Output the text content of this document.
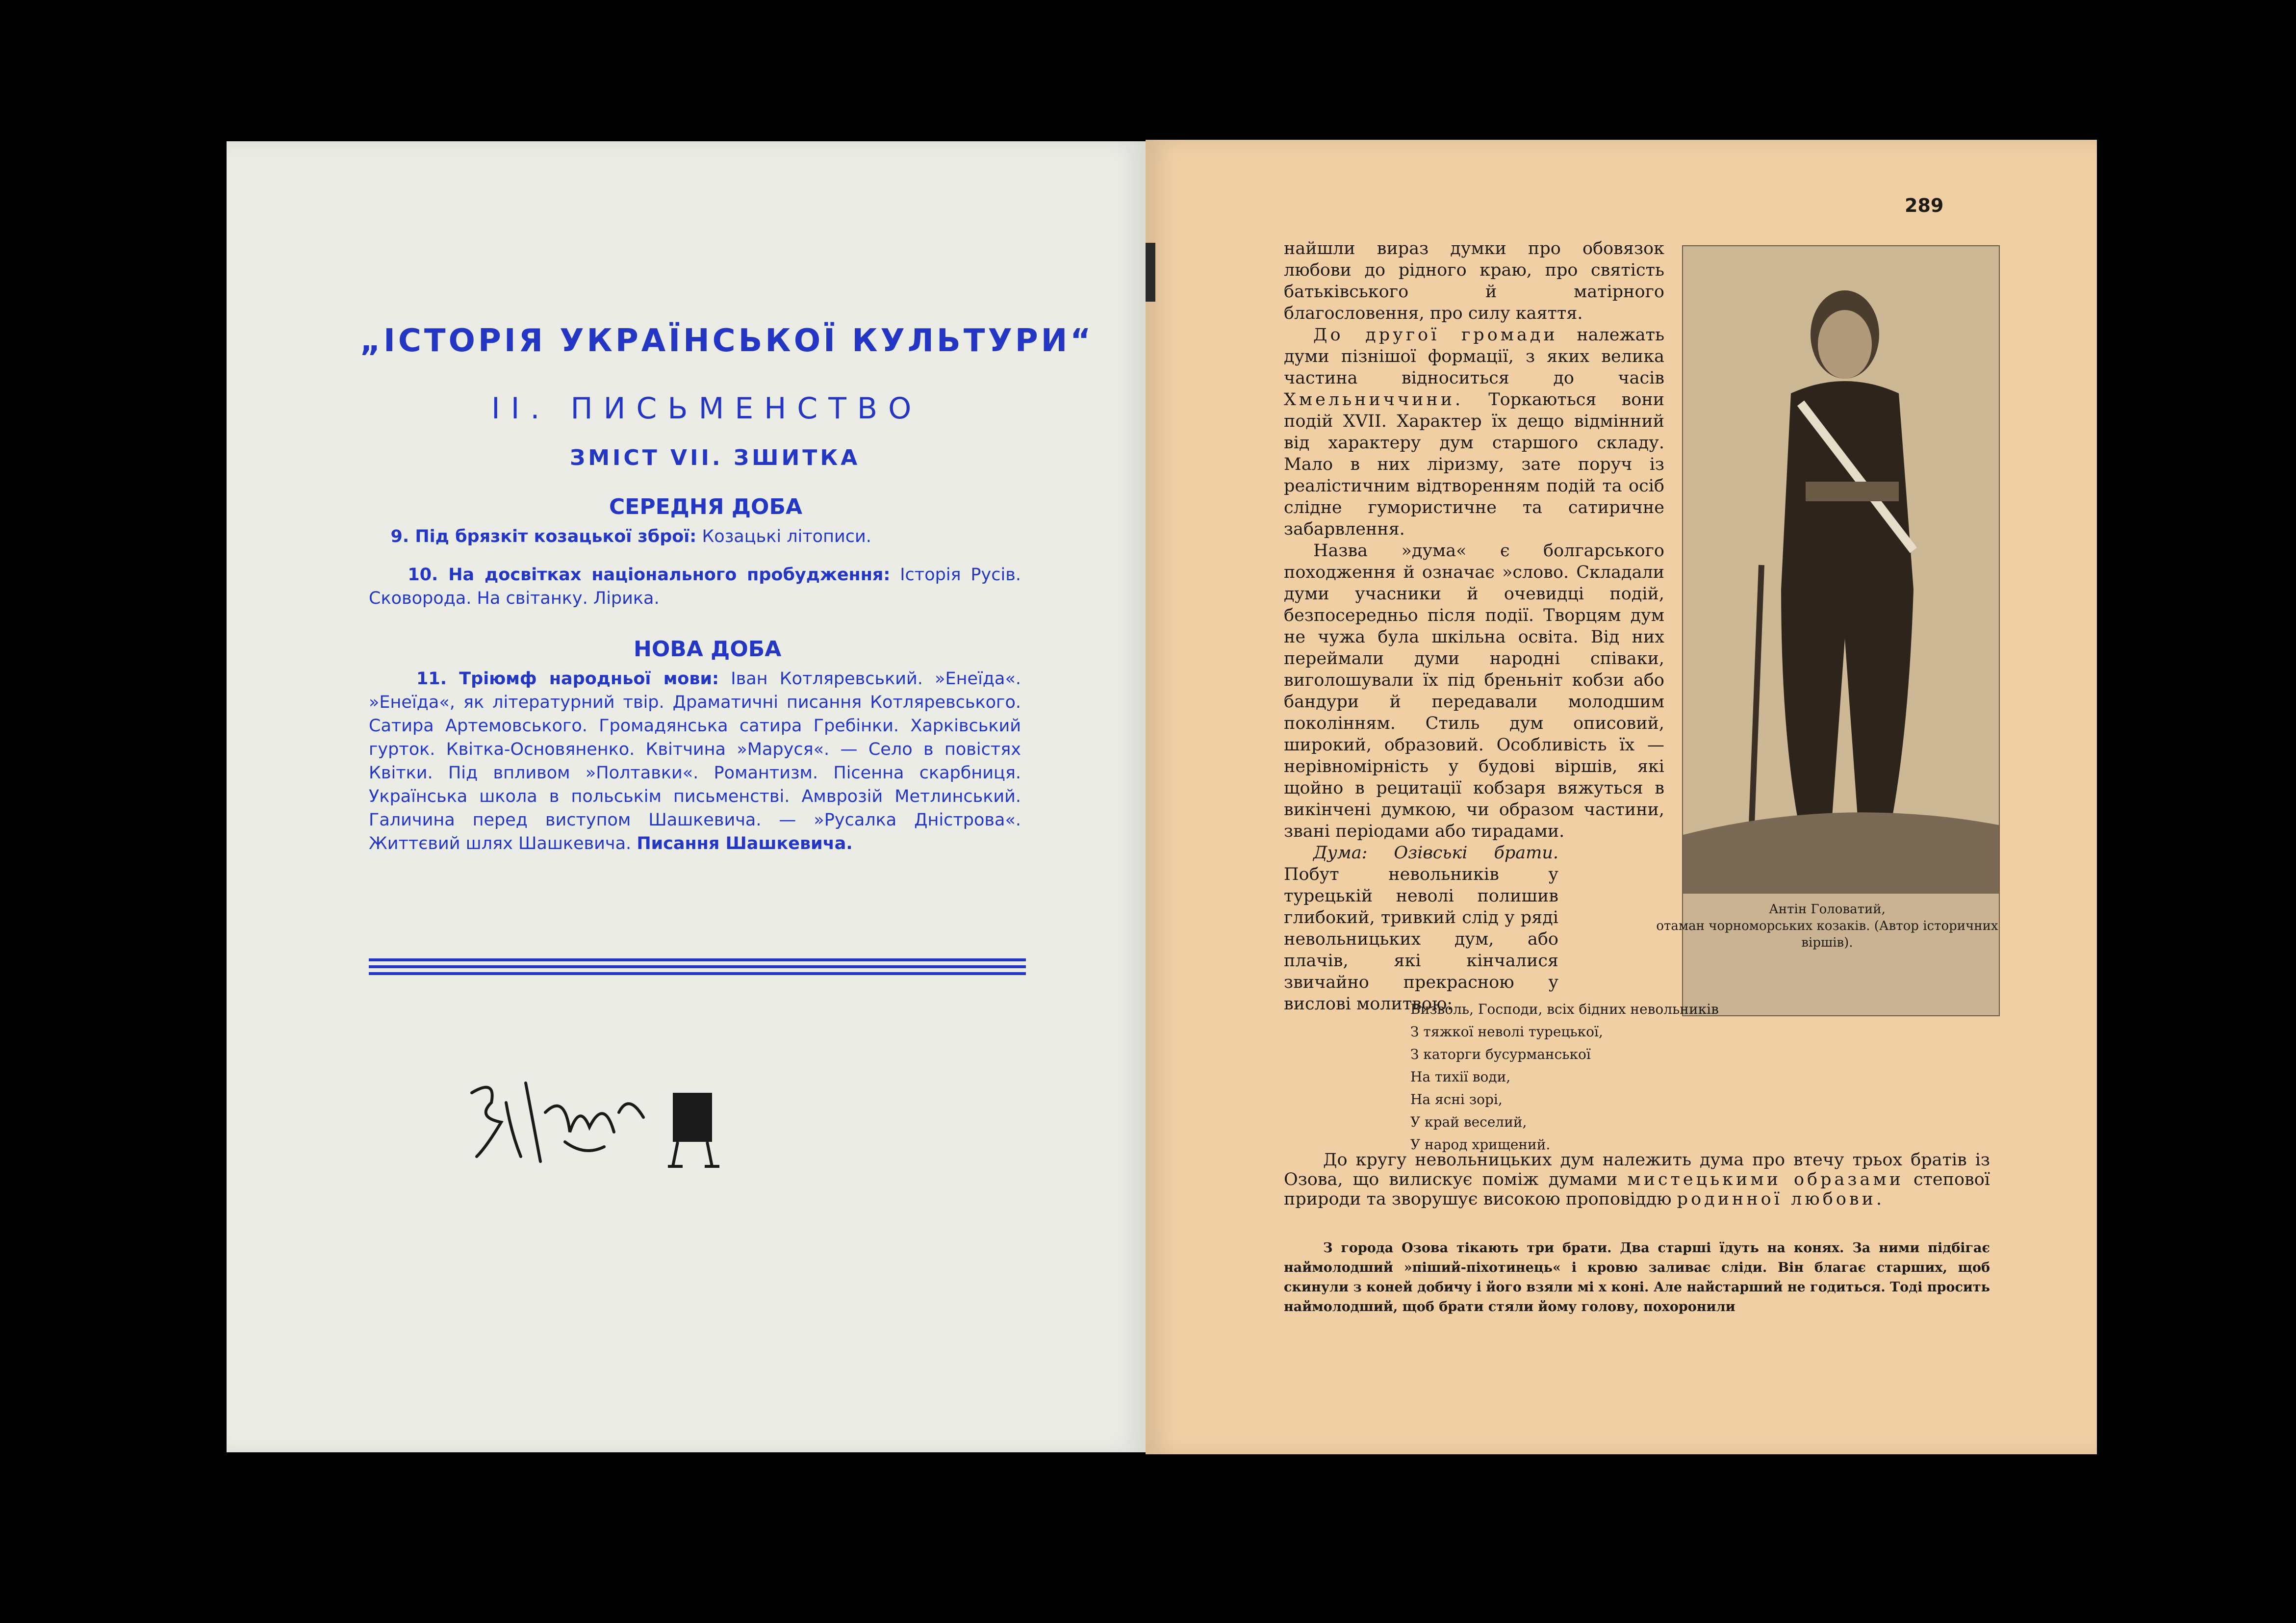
„ІСТОРІЯ УКРАЇНСЬКОЇ КУЛЬТУРИ“
II. ПИСЬМЕНСТВО
ЗМІСТ VII. ЗШИТКА
СЕРЕДНЯ ДОБА
9. Під брязкіт козацької зброї: Козацькі літописи.
10. На досвітках національного пробудження: Історія Русів. Сковорода. На світанку. Лірика.
НОВА ДОБА
11. Тріюмф народньої мови: Іван Котляревський. »Енеїда«. »Енеїда«, як літературний твір. Драматичні писання Котляревського. Сатира Артемовського. Громадянська сатира Гребінки. Харківський гурток. Квітка-Основяненко. Квітчина »Маруся«. — Село в повістях Квітки. Під впливом »Полтавки«. Романтизм. Пісенна скарбниця. Українська школа в польськім письменстві. Амврозій Метлинський. Галичина перед виступом Шашкевича. — »Русалка Дністрова«. Життєвий шлях Шашкевича. Писання Шашкевича.
289

найшли вираз думки про обовязок любови до рідного краю, про святість батьківського й матірного благословення, про силу каяття.

До другої громади належать думи пізнішої формації, з яких велика частина відноситься до часів Хмельниччини. Торкаються вони подій XVII. Характер їх дещо відмінний від характеру дум старшого складу. Мало в них ліризму, зате поруч із реалістичним відтворенням подій та осіб сліднe гумористичне та сатиричне забарвлення.

Назва »дума« є болгарського походження й означає »слово. Складали думи учасники й очевидці подій, безпосередньо після події. Творцям дум не чужа була шкільна освіта. Від них переймали думи народні співаки, виголошували їх під бреньніт кобзи або бандури й передавали молодшим поколінням. Стиль дум описовий, широкий, образовий. Особливість їх — нерівномірність у будові віршів, які щойно в рецитації кобзаря вяжуться в викінчені думкою, чи образом частини, звані періодами або тирадами.

Дума: Озівські брати. Побут невольників у турецькій неволі полишив глибокий, тривкий слід у ряді невольницьких дум, або плачів, які кінчалися звичайно прекрасною у вислові молитвою:

Антін Головатий,
отаман чорноморських козаків. (Автор історичних віршів).
Визволь, Господи, всіх бідних невольників
З тяжкої неволі турецької,
З каторги бусурманської
На тихії води,
На ясні зорі,
У край веселий,
У народ хрищений.
До кругу невольницьких дум належить дума про втечу трьох братів із Озова, що вилискує поміж думами мистецькими образами степової природи та зворушує високою проповіддю родинної любови.
З города Озова тікають три брати. Два старші їдуть на конях. За ними підбігає наймолодший »піший-піхотинець« і кровю заливає сліди. Він благає старших, щоб скинули з коней добичу і його взяли мі х коні. Але найстарший не годиться. Тоді просить наймолодший, щоб брати стяли йому голову, похоронили
